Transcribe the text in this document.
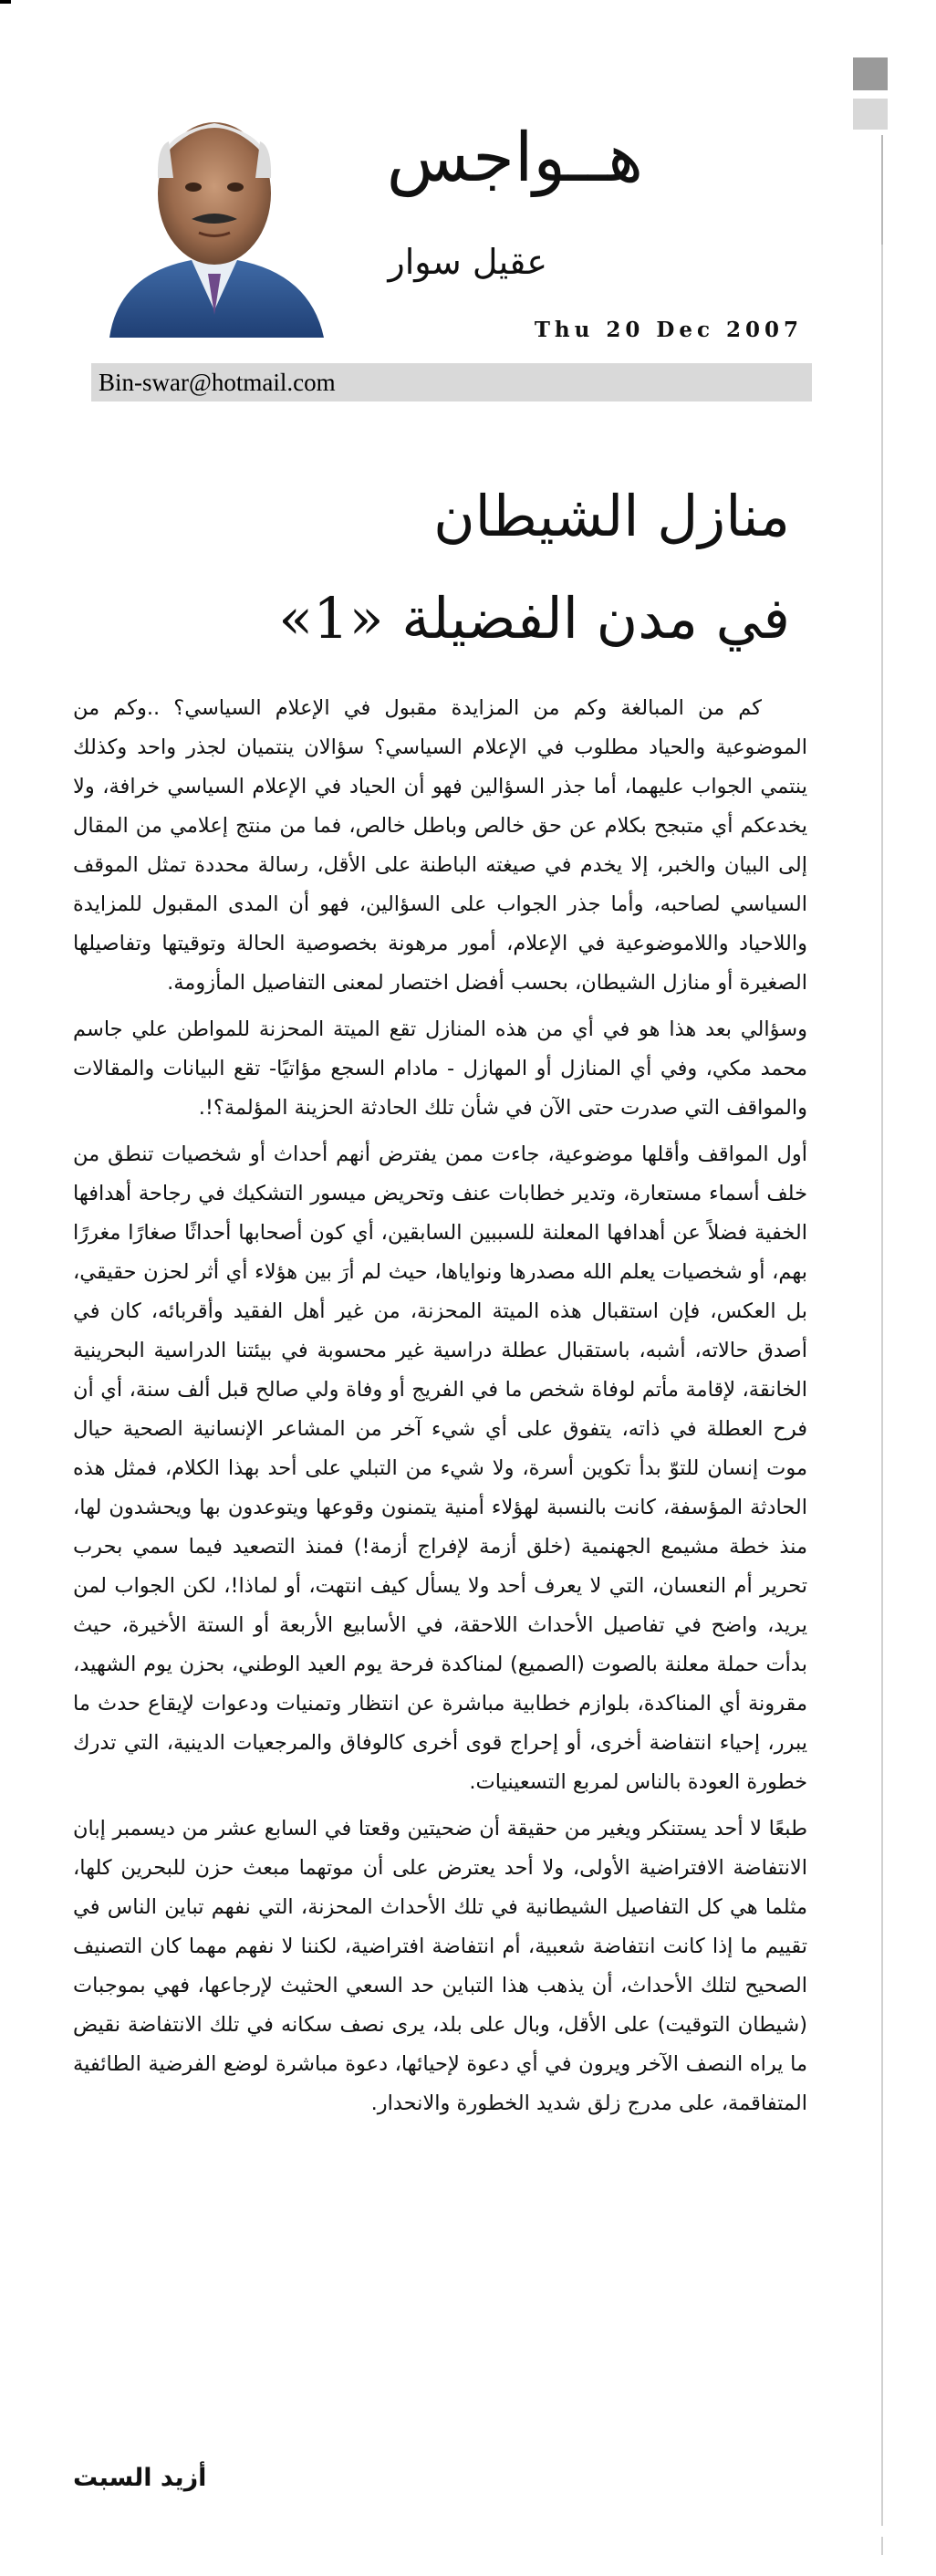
هــواجس
عقيل سوار
Thu 20 Dec 2007
Bin-swar@hotmail.com
منازل الشيطان
في مدن الفضيلة «1»

كم من المبالغة وكم من المزايدة مقبول في الإعلام السياسي؟ ..وكم من الموضوعية والحياد مطلوب في الإعلام السياسي؟ سؤالان ينتميان لجذر واحد وكذلك ينتمي الجواب عليهما، أما جذر السؤالين فهو أن الحياد في الإعلام السياسي خرافة، ولا يخدعكم أي متبجح بكلام عن حق خالص وباطل خالص، فما من منتج إعلامي من المقال إلى البيان والخبر، إلا يخدم في صيغته الباطنة على الأقل، رسالة محددة تمثل الموقف السياسي لصاحبه، وأما جذر الجواب على السؤالين، فهو أن المدى المقبول للمزايدة واللاحياد واللاموضوعية في الإعلام، أمور مرهونة بخصوصية الحالة وتوقيتها وتفاصيلها الصغيرة أو منازل الشيطان، بحسب أفضل اختصار لمعنى التفاصيل المأزومة.

وسؤالي بعد هذا هو في أي من هذه المنازل تقع الميتة المحزنة للمواطن علي جاسم محمد مكي، وفي أي المنازل أو المهازل - مادام السجع مؤاتيًا- تقع البيانات والمقالات والمواقف التي صدرت حتى الآن في شأن تلك الحادثة الحزينة المؤلمة؟!.

أول المواقف وأقلها موضوعية، جاءت ممن يفترض أنهم أحداث أو شخصيات تنطق من خلف أسماء مستعارة، وتدير خطابات عنف وتحريض ميسور التشكيك في رجاحة أهدافها الخفية فضلاً عن أهدافها المعلنة للسببين السابقين، أي كون أصحابها أحداثًا صغارًا مغررًا بهم، أو شخصيات يعلم الله مصدرها ونواياها، حيث لم أرَ بين هؤلاء أي أثر لحزن حقيقي، بل العكس، فإن استقبال هذه الميتة المحزنة، من غير أهل الفقيد وأقربائه، كان في أصدق حالاته، أشبه، باستقبال عطلة دراسية غير محسوبة في بيئتنا الدراسية البحرينية الخانقة، لإقامة مأتم لوفاة شخص ما في الفريج أو وفاة ولي صالح قبل ألف سنة، أي أن فرح العطلة في ذاته، يتفوق على أي شيء آخر من المشاعر الإنسانية الصحية حيال موت إنسان للتوّ بدأ تكوين أسرة، ولا شيء من التبلي على أحد بهذا الكلام، فمثل هذه الحادثة المؤسفة، كانت بالنسبة لهؤلاء أمنية يتمنون وقوعها ويتوعدون بها ويحشدون لها، منذ خطة مشيمع الجهنمية (خلق أزمة لإفراج أزمة!) فمنذ التصعيد فيما سمي بحرب تحرير أم النعسان، التي لا يعرف أحد ولا يسأل كيف انتهت، أو لماذا!، لكن الجواب لمن يريد، واضح في تفاصيل الأحداث اللاحقة، في الأسابيع الأربعة أو الستة الأخيرة، حيث بدأت حملة معلنة بالصوت (الصميع) لمناكدة فرحة يوم العيد الوطني، بحزن يوم الشهيد، مقرونة أي المناكدة، بلوازم خطابية مباشرة عن انتظار وتمنيات ودعوات لإيقاع حدث ما يبرر، إحياء انتفاضة أخرى، أو إحراج قوى أخرى كالوفاق والمرجعيات الدينية، التي تدرك خطورة العودة بالناس لمربع التسعينيات.

طبعًا لا أحد يستنكر ويغير من حقيقة أن ضحيتين وقعتا في السابع عشر من ديسمبر إبان الانتفاضة الافتراضية الأولى، ولا أحد يعترض على أن موتهما مبعث حزن للبحرين كلها، مثلما هي كل التفاصيل الشيطانية في تلك الأحداث المحزنة، التي نفهم تباين الناس في تقييم ما إذا كانت انتفاضة شعبية، أم انتفاضة افتراضية، لكننا لا نفهم مهما كان التصنيف الصحيح لتلك الأحداث، أن يذهب هذا التباين حد السعي الحثيث لإرجاعها، فهي بموجبات (شيطان التوقيت) على الأقل، وبال على بلد، يرى نصف سكانه في تلك الانتفاضة نقيض ما يراه النصف الآخر ويرون في أي دعوة لإحيائها، دعوة مباشرة لوضع الفرضية الطائفية المتفاقمة، على مدرج زلق شديد الخطورة والانحدار.

أزيد السبت
